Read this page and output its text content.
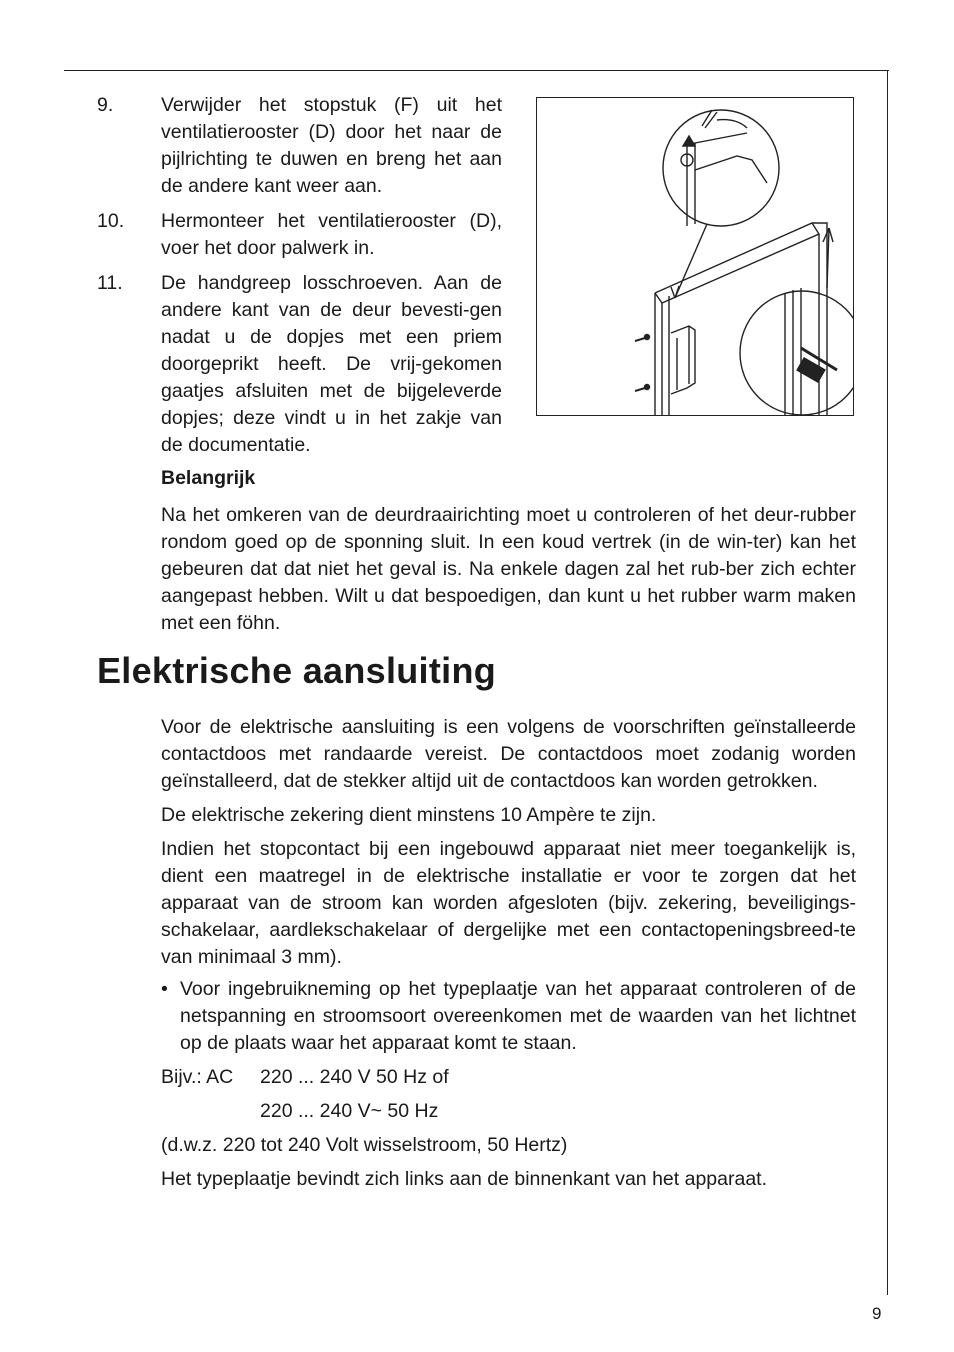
9. Verwijder het stopstuk (F) uit het ventilatierooster (D) door het naar de pijlrichting te duwen en breng het aan de andere kant weer aan.
10. Hermonteer het ventilatierooster (D), voer het door palwerk in.
11. De handgreep losschroeven. Aan de andere kant van de deur bevesti-gen nadat u de dopjes met een priem doorgeprikt heeft. De vrij-gekomen gaatjes afsluiten met de bijgeleverde dopjes; deze vindt u in het zakje van de documentatie.
Belangrijk

Na het omkeren van de deurdraairichting moet u controleren of het deur-rubber rondom goed op de sponning sluit. In een koud vertrek (in de win-ter) kan het gebeuren dat dat niet het geval is. Na enkele dagen zal het rub-ber zich echter aangepast hebben. Wilt u dat bespoedigen, dan kunt u het rubber warm maken met een föhn.

Elektrische aansluiting

Voor de elektrische aansluiting is een volgens de voorschriften geïnstalleerde contactdoos met randaarde vereist. De contactdoos moet zodanig worden geïnstalleerd, dat de stekker altijd uit de contactdoos kan worden getrokken.

De elektrische zekering dient minstens 10 Ampère te zijn.

Indien het stopcontact bij een ingebouwd apparaat niet meer toegankelijk is, dient een maatregel in de elektrische installatie er voor te zorgen dat het apparaat van de stroom kan worden afgesloten (bijv. zekering, beveiligings-schakelaar, aardlekschakelaar of dergelijke met een contactopeningsbreed-te van minimaal 3 mm).

• Voor ingebruikneming op het typeplaatje van het apparaat controleren of de netspanning en stroomsoort overeenkomen met de waarden van het lichtnet op de plaats waar het apparaat komt te staan.
Bijv.: AC 220 ... 240 V 50 Hz of
220 ... 240 V~ 50 Hz
(d.w.z. 220 tot 240 Volt wisselstroom, 50 Hertz)
Het typeplaatje bevindt zich links aan de binnenkant van het apparaat.
9
